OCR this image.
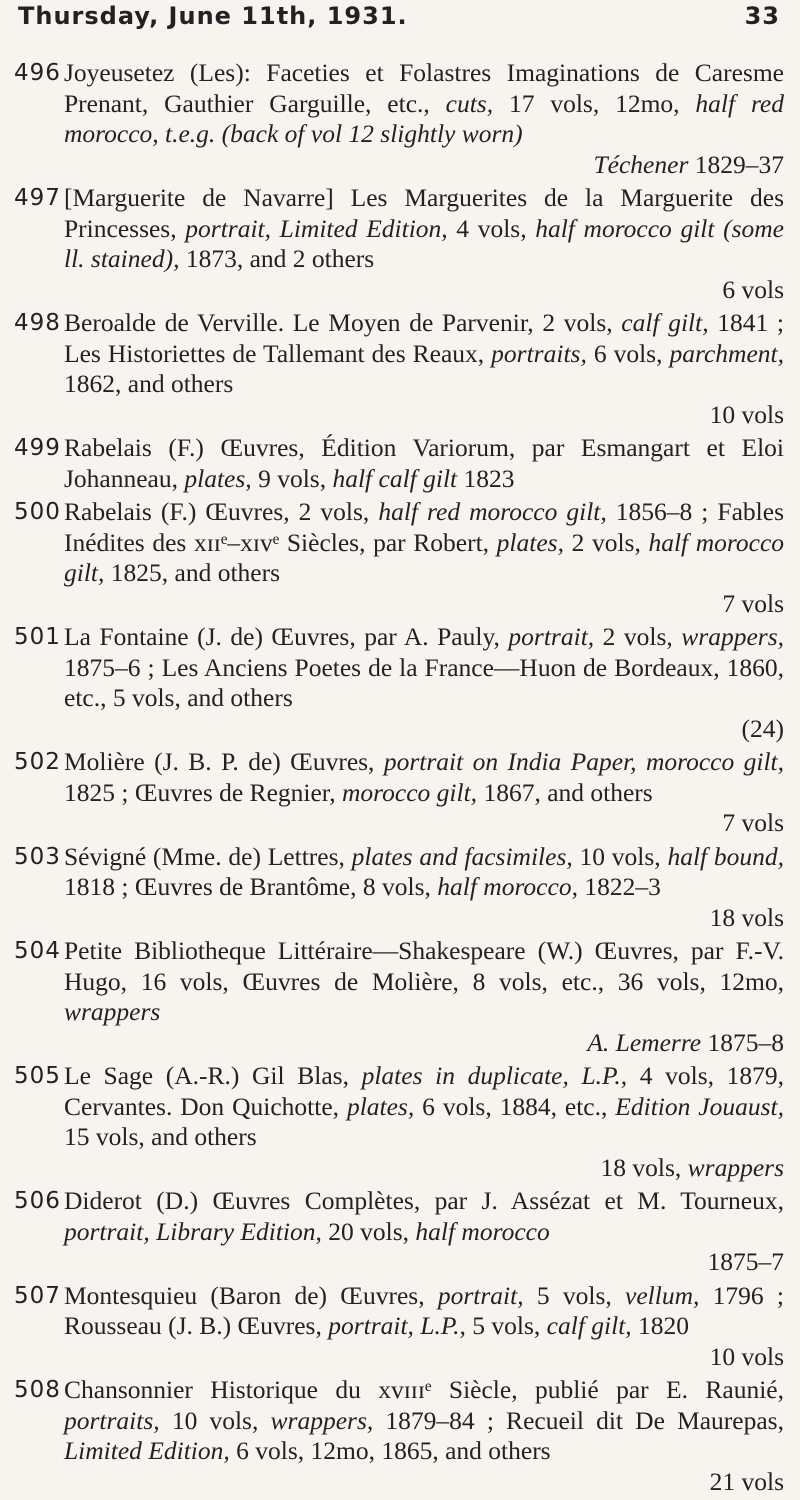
Thursday, June 11th, 1931.	33
496 Joyeusetez (Les): Faceties et Folastres Imaginations de Caresme Prenant, Gauthier Garguille, etc., cuts, 17 vols, 12mo, half red morocco, t.e.g. (back of vol 12 slightly worn)
Téchener 1829–37
497 [Marguerite de Navarre] Les Marguerites de la Marguerite des Princesses, portrait, Limited Edition, 4 vols, half morocco gilt (some ll. stained), 1873, and 2 others
6 vols
498 Beroalde de Verville. Le Moyen de Parvenir, 2 vols, calf gilt, 1841 ; Les Historiettes de Tallemant des Reaux, portraits, 6 vols, parchment, 1862, and others
10 vols
499 Rabelais (F.) Œuvres, Édition Variorum, par Esmangart et Eloi Johanneau, plates, 9 vols, half calf gilt 1823
500 Rabelais (F.) Œuvres, 2 vols, half red morocco gilt, 1856–8 ; Fables Inédites des xɪɪᵉ–xɪvᵉ Siècles, par Robert, plates, 2 vols, half morocco gilt, 1825, and others
7 vols
501 La Fontaine (J. de) Œuvres, par A. Pauly, portrait, 2 vols, wrappers, 1875–6 ; Les Anciens Poetes de la France—Huon de Bordeaux, 1860, etc., 5 vols, and others
(24)
502 Molière (J. B. P. de) Œuvres, portrait on India Paper, morocco gilt, 1825 ; Œuvres de Regnier, morocco gilt, 1867, and others
7 vols
503 Sévigné (Mme. de) Lettres, plates and facsimiles, 10 vols, half bound, 1818 ; Œuvres de Brantôme, 8 vols, half morocco, 1822–3
18 vols
504 Petite Bibliotheque Littéraire—Shakespeare (W.) Œuvres, par F.-V. Hugo, 16 vols, Œuvres de Molière, 8 vols, etc., 36 vols, 12mo, wrappers
A. Lemerre 1875–8
505 Le Sage (A.-R.) Gil Blas, plates in duplicate, L.P., 4 vols, 1879, Cervantes. Don Quichotte, plates, 6 vols, 1884, etc., Edition Jouaust, 15 vols, and others
18 vols, wrappers
506 Diderot (D.) Œuvres Complètes, par J. Assézat et M. Tourneux, portrait, Library Edition, 20 vols, half morocco
1875–7
507 Montesquieu (Baron de) Œuvres, portrait, 5 vols, vellum, 1796 ; Rousseau (J. B.) Œuvres, portrait, L.P., 5 vols, calf gilt, 1820
10 vols
508 Chansonnier Historique du xvɪɪɪᵉ Siècle, publié par E. Raunié, portraits, 10 vols, wrappers, 1879–84 ; Recueil dit De Maurepas, Limited Edition, 6 vols, 12mo, 1865, and others
21 vols
